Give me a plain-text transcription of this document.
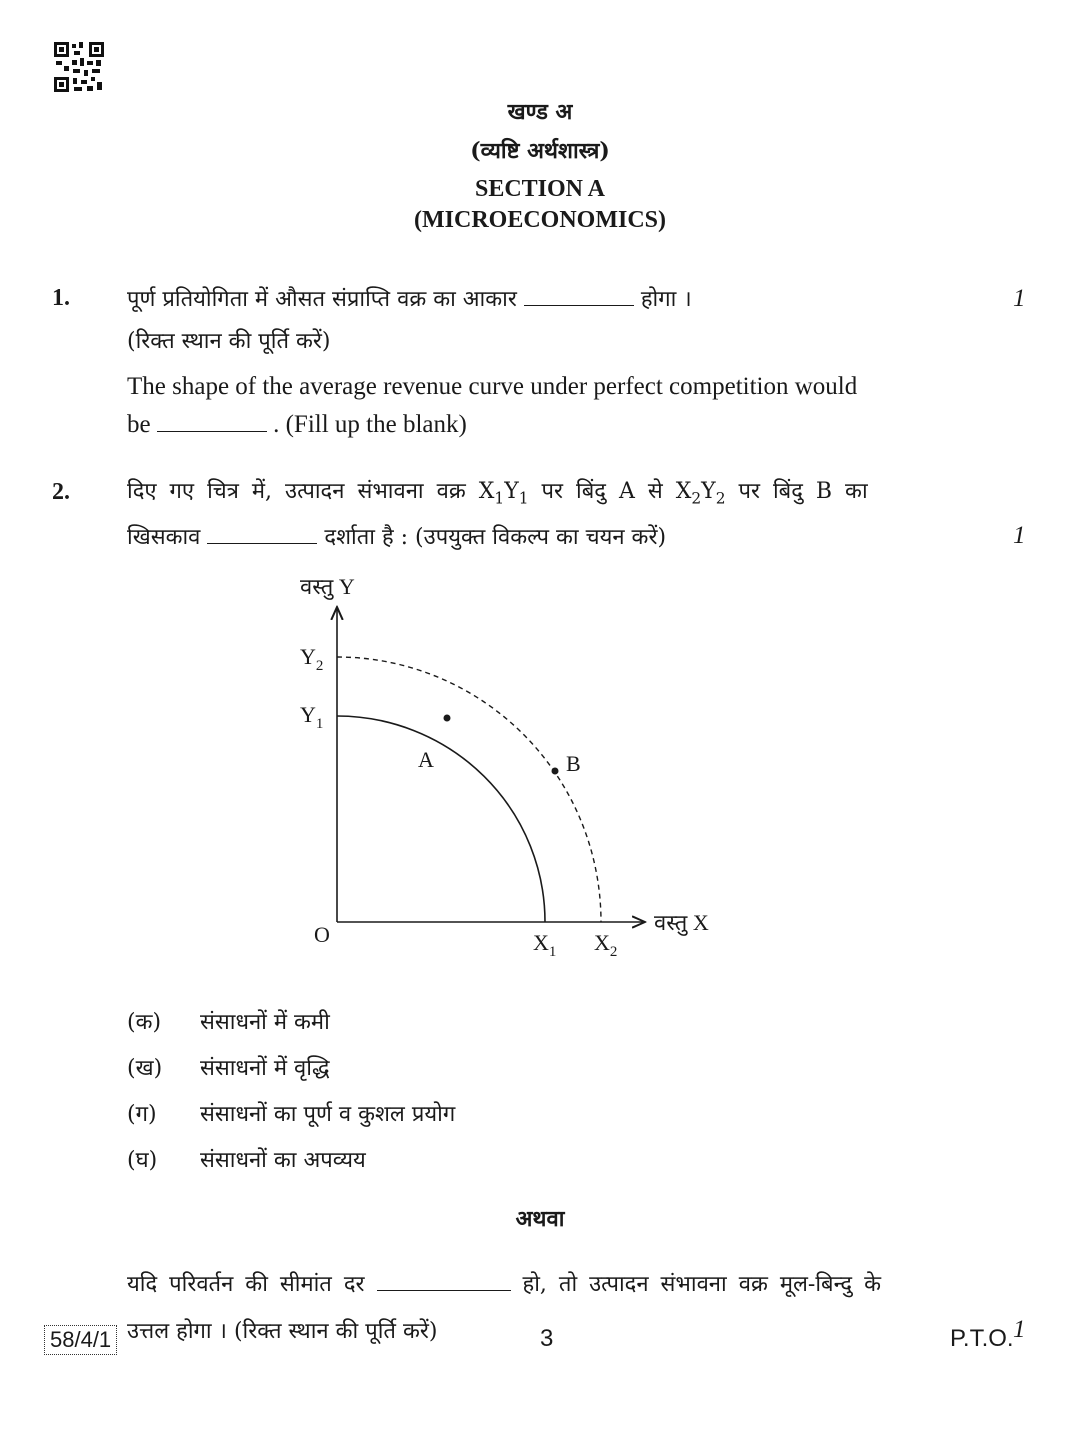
खण्ड अ
(व्यष्टि अर्थशास्त्र)
SECTION A
(MICROECONOMICS)
1.	पूर्ण प्रतियोगिता में औसत संप्राप्ति वक्र का आकार	होगा ।	1
(रिक्त स्थान की पूर्ति करें)
The shape of the average revenue curve under perfect competition would
be	. (Fill up the blank)
2.	दिए गए चित्र में, उत्पादन संभावना वक्र $X_1Y_1$ पर बिंदु A से $X_2Y_2$ पर बिंदु B का
खिसकाव	दर्शाता है : (उपयुक्त विकल्प का चयन करें)	1
वस्तु Y
वस्तु X
O
$Y_2$
$Y_1$
$X_1$ $X_2$
A	B
(क) संसाधनों में कमी
(ख) संसाधनों में वृद्धि
(ग) संसाधनों का पूर्ण व कुशल प्रयोग
(घ) संसाधनों का अपव्यय
अथवा
यदि परिवर्तन की सीमांत दर	हो, तो उत्पादन संभावना वक्र मूल-बिन्दु के
उत्तल होगा । (रिक्त स्थान की पूर्ति करें)	1
58/4/1	3	P.T.O.
